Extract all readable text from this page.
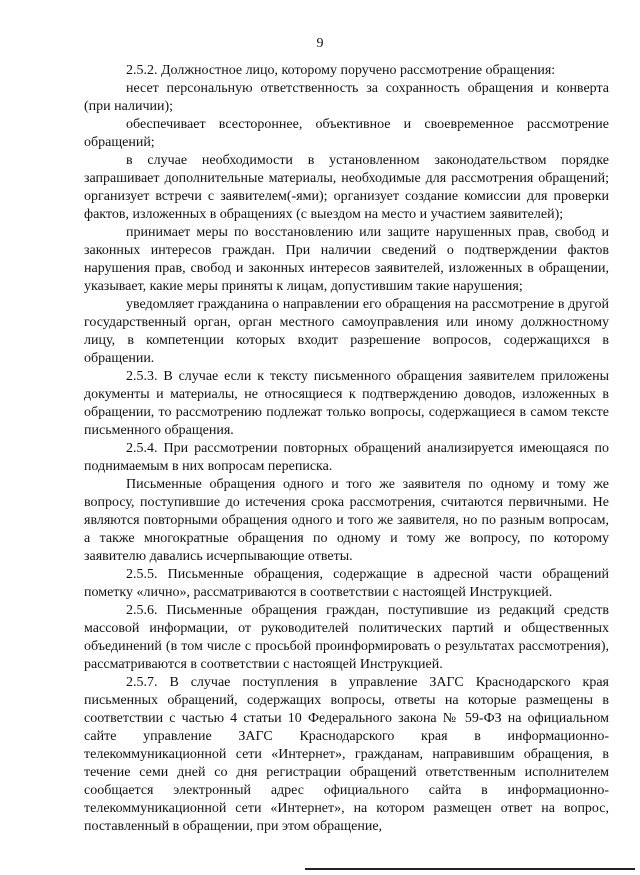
9

2.5.2. Должностное лицо, которому поручено рассмотрение обращения:

несет персональную ответственность за сохранность обращения и конверта (при наличии);

обеспечивает всестороннее, объективное и своевременное рассмотрение обращений;

в случае необходимости в установленном законодательством порядке запрашивает дополнительные материалы, необходимые для рассмотрения обращений; организует встречи с заявителем(-ями); организует создание комиссии для проверки фактов, изложенных в обращениях (с выездом на место и участием заявителей);

принимает меры по восстановлению или защите нарушенных прав, свобод и законных интересов граждан. При наличии сведений о подтверждении фактов нарушения прав, свобод и законных интересов заявителей, изложенных в обращении, указывает, какие меры приняты к лицам, допустившим такие нарушения;

уведомляет гражданина о направлении его обращения на рассмотрение в другой государственный орган, орган местного самоуправления или иному должностному лицу, в компетенции которых входит разрешение вопросов, содержащихся в обращении.

2.5.3. В случае если к тексту письменного обращения заявителем приложены документы и материалы, не относящиеся к подтверждению доводов, изложенных в обращении, то рассмотрению подлежат только вопросы, содержащиеся в самом тексте письменного обращения.

2.5.4. При рассмотрении повторных обращений анализируется имеющаяся по поднимаемым в них вопросам переписка.

Письменные обращения одного и того же заявителя по одному и тому же вопросу, поступившие до истечения срока рассмотрения, считаются первичными. Не являются повторными обращения одного и того же заявителя, но по разным вопросам, а также многократные обращения по одному и тому же вопросу, по которому заявителю давались исчерпывающие ответы.

2.5.5. Письменные обращения, содержащие в адресной части обращений пометку «лично», рассматриваются в соответствии с настоящей Инструкцией.

2.5.6. Письменные обращения граждан, поступившие из редакций средств массовой информации, от руководителей политических партий и общественных объединений (в том числе с просьбой проинформировать о результатах рассмотрения), рассматриваются в соответствии с настоящей Инструкцией.

2.5.7. В случае поступления в управление ЗАГС Краснодарского края письменных обращений, содержащих вопросы, ответы на которые размещены в соответствии с частью 4 статьи 10 Федерального закона № 59-ФЗ на официальном сайте управление ЗАГС Краснодарского края в информационно-телекоммуникационной сети «Интернет», гражданам, направившим обращения, в течение семи дней со дня регистрации обращений ответственным исполнителем сообщается электронный адрес официального сайта в информационно-телекоммуникационной сети «Интернет», на котором размещен ответ на вопрос, поставленный в обращении, при этом обращение,
